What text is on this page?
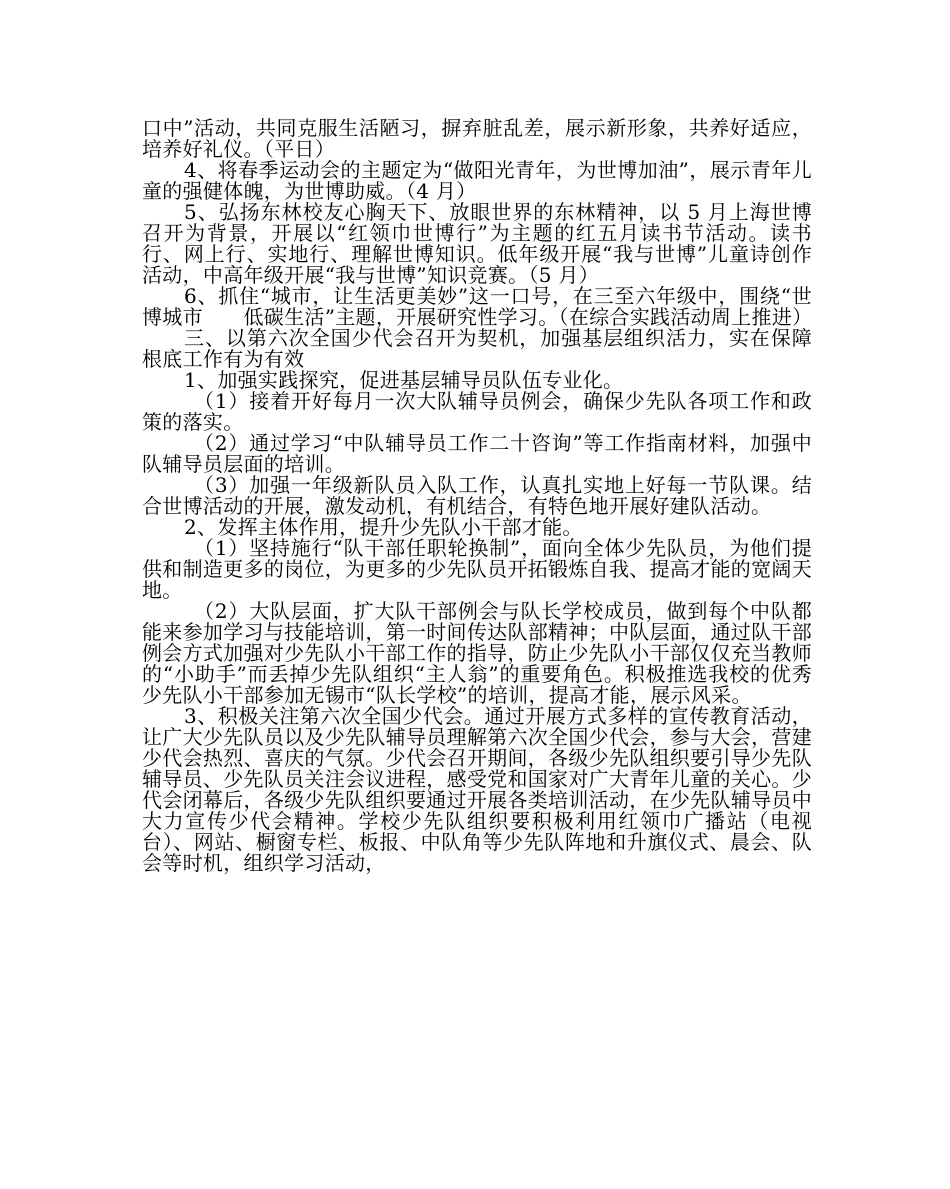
口中”活动，共同克服生活陋习，摒弃脏乱差，展示新形象，共养好适应，培养好礼仪。（平日）

4、将春季运动会的主题定为“做阳光青年，为世博加油”，展示青年儿童的强健体魄，为世博助威。（4 月）

5、弘扬东林校友心胸天下、放眼世界的东林精神，以 5 月上海世博召开为背景，开展以“红领巾世博行”为主题的红五月读书节活动。读书行、网上行、实地行、理解世博知识。低年级开展“我与世博”儿童诗创作活动，中高年级开展“我与世博”知识竞赛。（5 月）

6、抓住“城市，让生活更美妙”这一口号，在三至六年级中，围绕“世博城市　　低碳生活”主题，开展研究性学习。（在综合实践活动周上推进）

三、以第六次全国少代会召开为契机，加强基层组织活力，实在保障根底工作有为有效

1、加强实践探究，促进基层辅导员队伍专业化。

（1）接着开好每月一次大队辅导员例会，确保少先队各项工作和政策的落实。

（2）通过学习“中队辅导员工作二十咨询”等工作指南材料，加强中队辅导员层面的培训。

（3）加强一年级新队员入队工作，认真扎实地上好每一节队课。结合世博活动的开展，激发动机，有机结合，有特色地开展好建队活动。

2、发挥主体作用，提升少先队小干部才能。

（1）坚持施行“队干部任职轮换制”，面向全体少先队员，为他们提供和制造更多的岗位，为更多的少先队员开拓锻炼自我、提高才能的宽阔天地。

（2）大队层面，扩大队干部例会与队长学校成员，做到每个中队都能来参加学习与技能培训，第一时间传达队部精神；中队层面，通过队干部例会方式加强对少先队小干部工作的指导，防止少先队小干部仅仅充当教师的“小助手”而丢掉少先队组织“主人翁”的重要角色。积极推选我校的优秀少先队小干部参加无锡市“队长学校”的培训，提高才能，展示风采。

3、积极关注第六次全国少代会。通过开展方式多样的宣传教育活动，让广大少先队员以及少先队辅导员理解第六次全国少代会，参与大会，营建少代会热烈、喜庆的气氛。少代会召开期间，各级少先队组织要引导少先队辅导员、少先队员关注会议进程，感受党和国家对广大青年儿童的关心。少代会闭幕后，各级少先队组织要通过开展各类培训活动，在少先队辅导员中大力宣传少代会精神。学校少先队组织要积极利用红领巾广播站（电视台）、网站、橱窗专栏、板报、中队角等少先队阵地和升旗仪式、晨会、队会等时机，组织学习活动，
